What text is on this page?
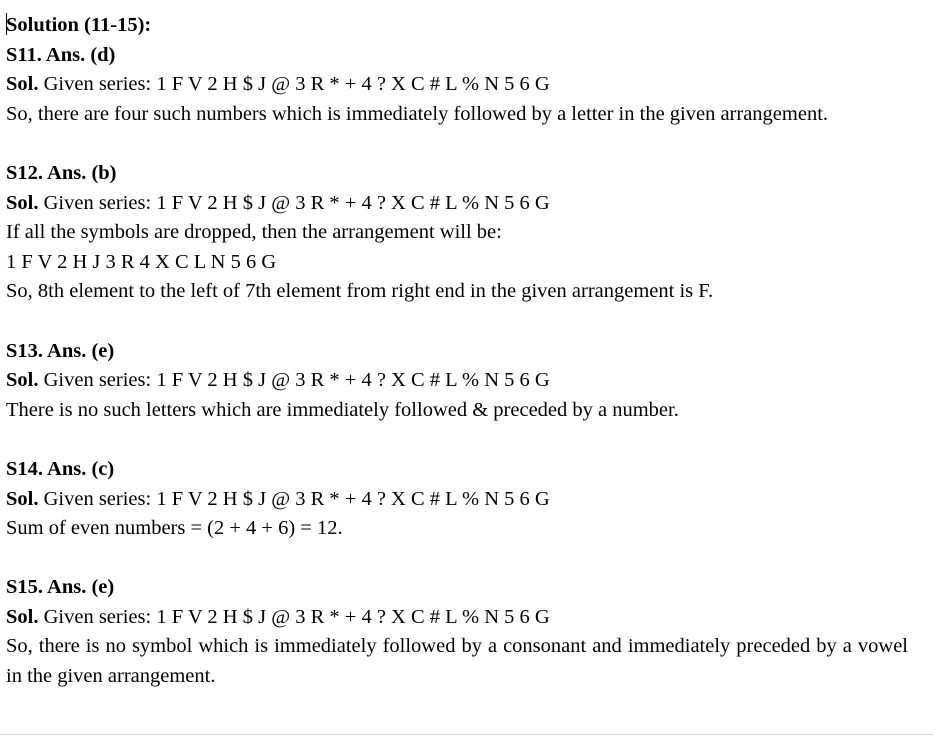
Solution (11-15):
S11. Ans. (d)
Sol. Given series: 1 F V 2 H $ J @ 3 R * + 4 ? X C # L % N 5 6 G
So, there are four such numbers which is immediately followed by a letter in the given arrangement.
S12. Ans. (b)
Sol. Given series: 1 F V 2 H $ J @ 3 R * + 4 ? X C # L % N 5 6 G
If all the symbols are dropped, then the arrangement will be:
1 F V 2 H J 3 R 4 X C L N 5 6 G
So, 8th element to the left of 7th element from right end in the given arrangement is F.
S13. Ans. (e)
Sol. Given series: 1 F V 2 H $ J @ 3 R * + 4 ? X C # L % N 5 6 G
There is no such letters which are immediately followed & preceded by a number.
S14. Ans. (c)
Sol. Given series: 1 F V 2 H $ J @ 3 R * + 4 ? X C # L % N 5 6 G
Sum of even numbers = (2 + 4 + 6) = 12.
S15. Ans. (e)
Sol. Given series: 1 F V 2 H $ J @ 3 R * + 4 ? X C # L % N 5 6 G
So, there is no symbol which is immediately followed by a consonant and immediately preceded by a vowel in the given arrangement.
